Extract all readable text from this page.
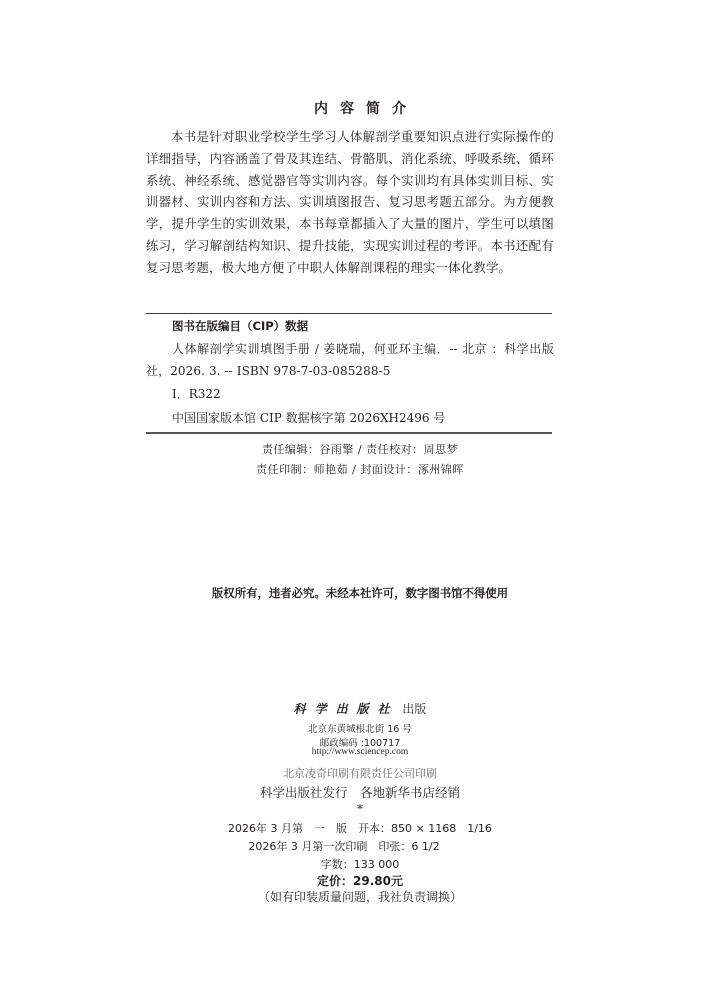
内容简介
本书是针对职业学校学生学习人体解剖学重要知识点进行实际操作的详细指导，内容涵盖了骨及其连结、骨骼肌、消化系统、呼吸系统、循环系统、神经系统、感觉器官等实训内容。每个实训均有具体实训目标、实训器材、实训内容和方法、实训填图报告、复习思考题五部分。为方便教学，提升学生的实训效果，本书每章都插入了大量的图片，学生可以填图练习，学习解剖结构知识、提升技能，实现实训过程的考评。本书还配有复习思考题，极大地方便了中职人体解剖课程的理实一体化教学。
图书在版编目（CIP）数据
人体解剖学实训填图手册 / 姜晓瑞，何亚环主编．-- 北京 ：科学出版社，2026. 3. -- ISBN 978-7-03-085288-5
Ⅰ．R322
中国国家版本馆 CIP 数据核字第 2026XH2496 号
责任编辑：谷雨擎 / 责任校对：周思梦
责任印制：师艳茹 / 封面设计：涿州锦晖
版权所有，违者必究。未经本社许可，数字图书馆不得使用
科学出版社 出版
北京东黄城根北街 16 号
邮政编码 :100717
http://www.sciencep.com
北京凌奇印刷有限责任公司印刷
科学出版社发行　各地新华书店经销
*
2026年 3 月第　一　版　开本：850 × 1168　1/16
2026年 3 月第一次印刷　印张：6 1/2
字数：133 000
定价：29.80元
（如有印装质量问题，我社负责调换）
